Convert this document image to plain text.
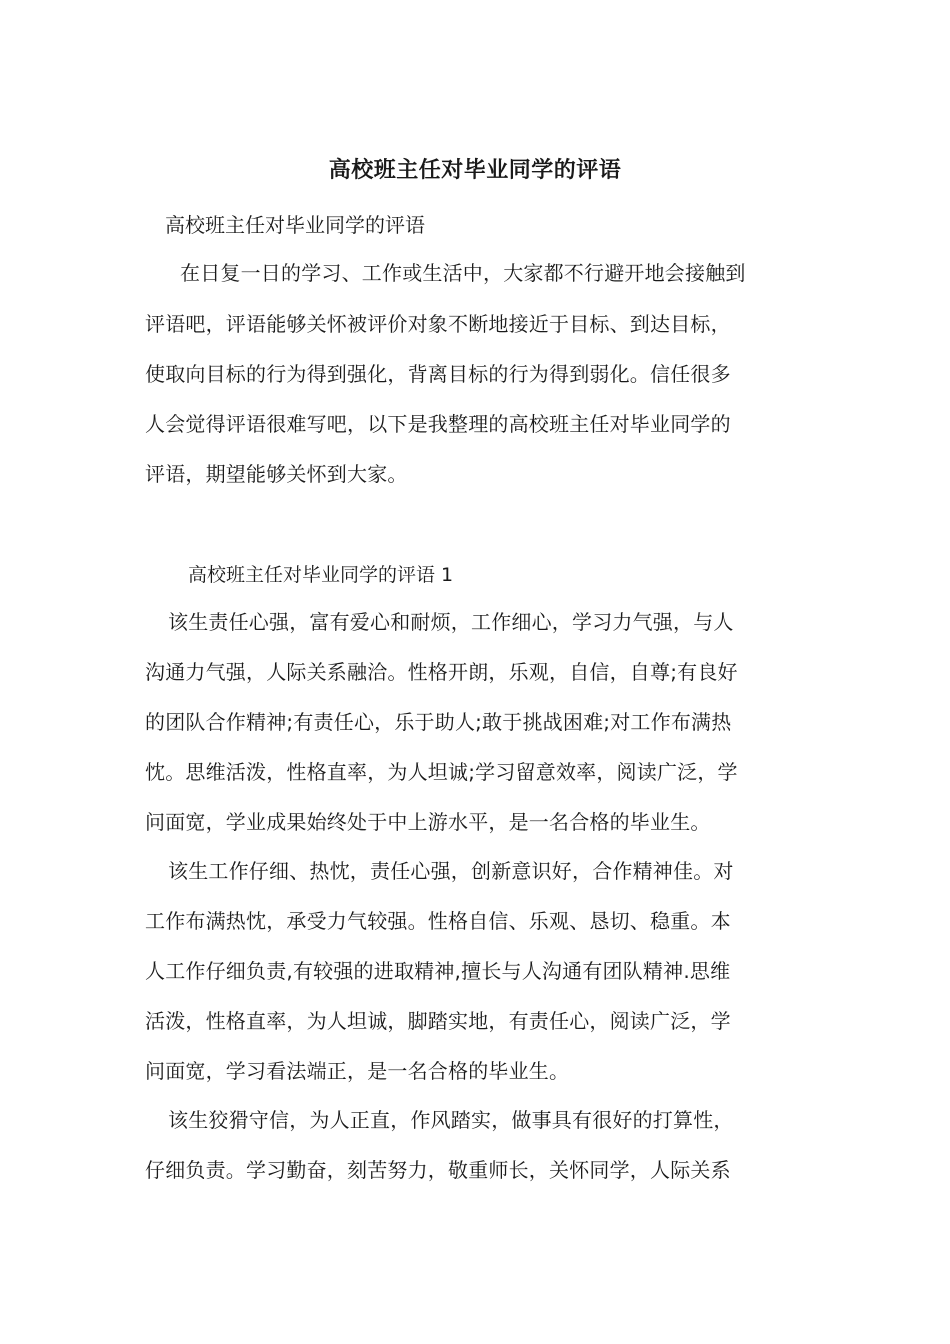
高校班主任对毕业同学的评语
高校班主任对毕业同学的评语
在日复一日的学习、工作或生活中，大家都不行避开地会接触到
评语吧，评语能够关怀被评价对象不断地接近于目标、到达目标，
使取向目标的行为得到强化，背离目标的行为得到弱化。信任很多
人会觉得评语很难写吧，以下是我整理的高校班主任对毕业同学的
评语，期望能够关怀到大家。
高校班主任对毕业同学的评语 1
该生责任心强，富有爱心和耐烦，工作细心，学习力气强，与人
沟通力气强，人际关系融洽。性格开朗，乐观，自信，自尊;有良好
的团队合作精神;有责任心，乐于助人;敢于挑战困难;对工作布满热
忱。思维活泼，性格直率，为人坦诚;学习留意效率，阅读广泛，学
问面宽，学业成果始终处于中上游水平，是一名合格的毕业生。
该生工作仔细、热忱，责任心强，创新意识好，合作精神佳。对
工作布满热忱，承受力气较强。性格自信、乐观、恳切、稳重。本
人工作仔细负责,有较强的进取精神,擅长与人沟通有团队精神.思维
活泼，性格直率，为人坦诚，脚踏实地，有责任心，阅读广泛，学
问面宽，学习看法端正，是一名合格的毕业生。
该生狡猾守信，为人正直，作风踏实，做事具有很好的打算性，
仔细负责。学习勤奋，刻苦努力，敬重师长，关怀同学，人际关系
